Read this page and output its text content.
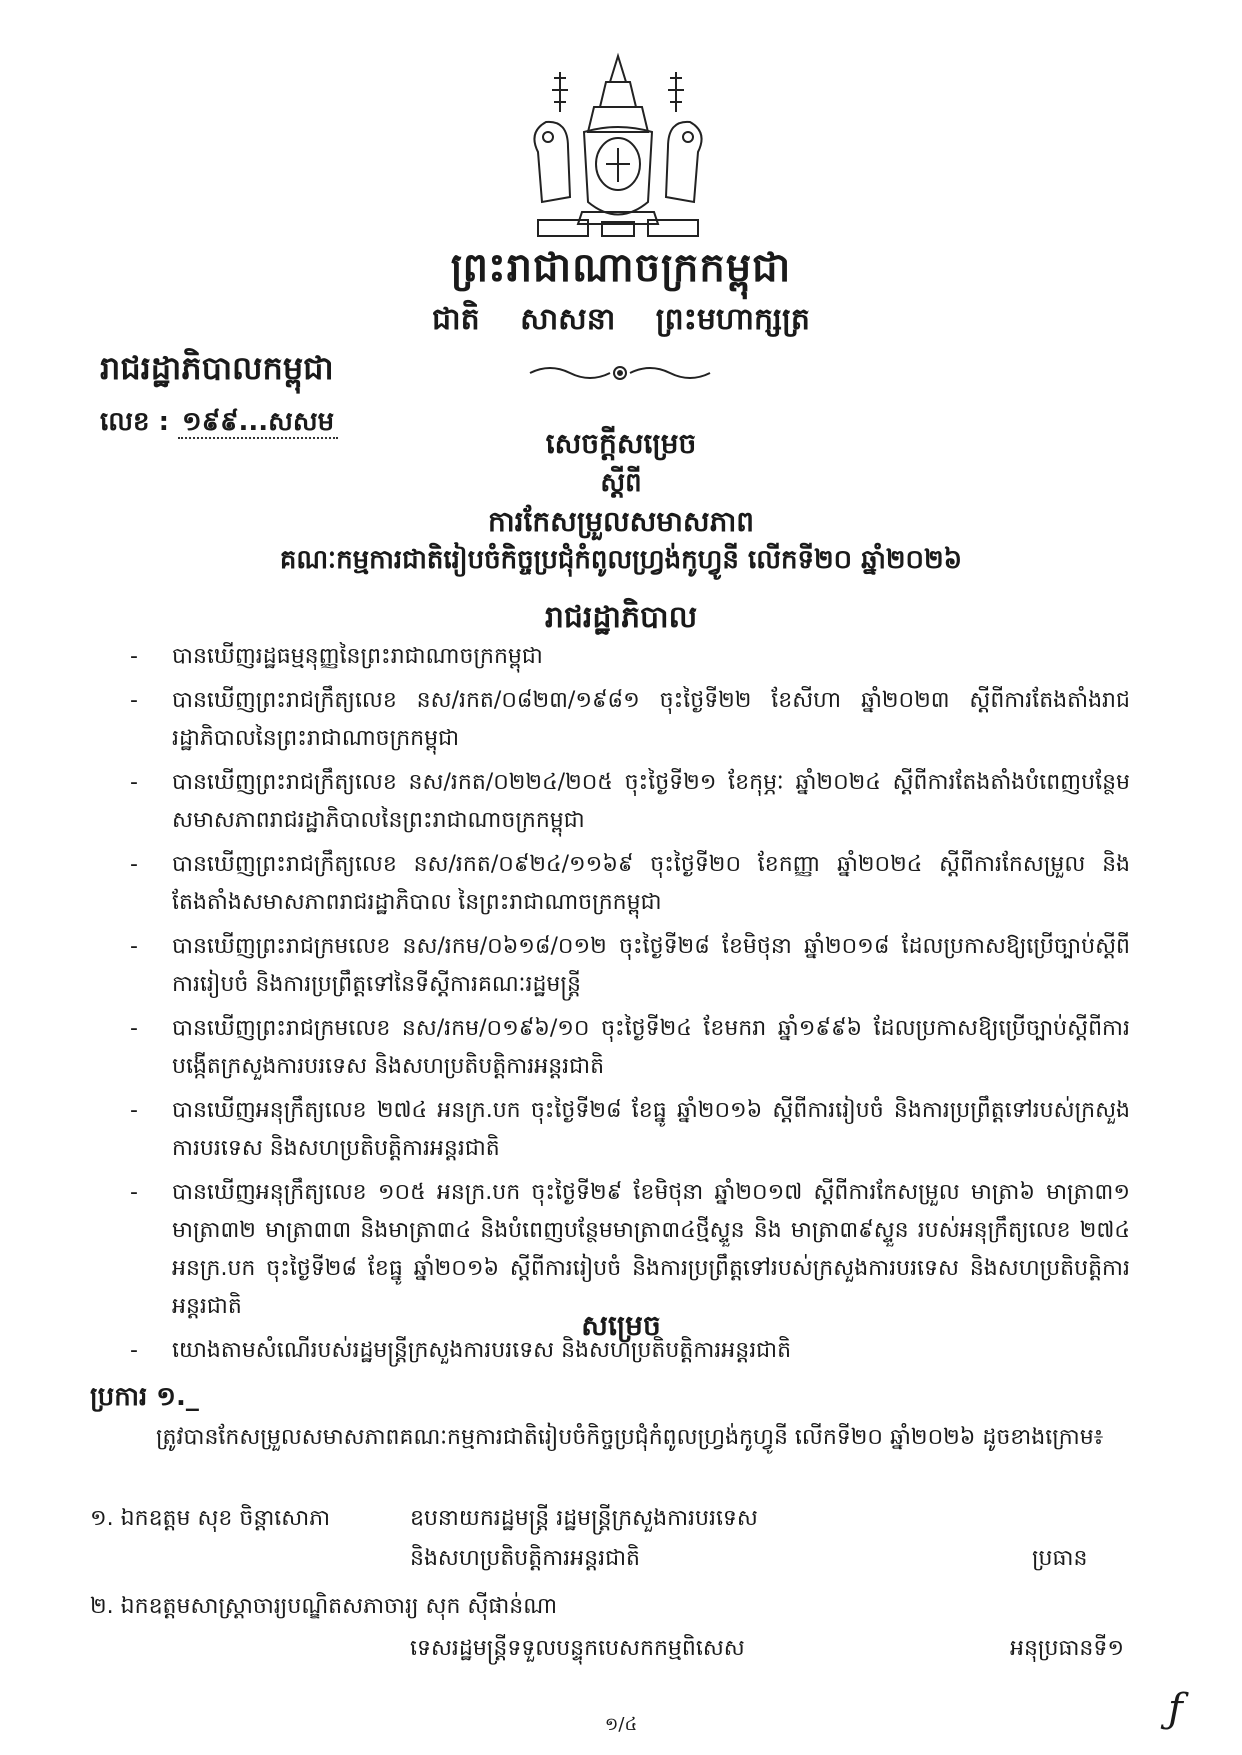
ព្រះរាជាណាចក្រកម្ពុជា
ជាតិ សាសនា ព្រះមហាក្សត្រ
រាជរដ្ឋាភិបាលកម្ពុជា
លេខ : ១៩៩...សសម
សេចក្តីសម្រេច
ស្តីពី
ការកែសម្រួលសមាសភាព
គណៈកម្មការជាតិរៀបចំកិច្ចប្រជុំកំពូលហ្វ្រង់កូហ្វូនី លើកទី២០ ឆ្នាំ២០២៦
រាជរដ្ឋាភិបាល
- បានឃើញរដ្ឋធម្មនុញ្ញនៃព្រះរាជាណាចក្រកម្ពុជា
- បានឃើញព្រះរាជក្រឹត្យលេខ នស/រកត/០៨២៣/១៩៨១ ចុះថ្ងៃទី២២ ខែសីហា ឆ្នាំ២០២៣ ស្តីពីការតែងតាំងរាជរដ្ឋាភិបាលនៃព្រះរាជាណាចក្រកម្ពុជា
- បានឃើញព្រះរាជក្រឹត្យលេខ នស/រកត/០២២៤/២០៥ ចុះថ្ងៃទី២១ ខែកុម្ភៈ ឆ្នាំ២០២៤ ស្តីពីការតែងតាំងបំពេញបន្ថែមសមាសភាពរាជរដ្ឋាភិបាលនៃព្រះរាជាណាចក្រកម្ពុជា
- បានឃើញព្រះរាជក្រឹត្យលេខ នស/រកត/០៩២៤/១១៦៩ ចុះថ្ងៃទី២០ ខែកញ្ញា ឆ្នាំ២០២៤ ស្តីពីការកែសម្រួល និងតែងតាំងសមាសភាពរាជរដ្ឋាភិបាល នៃព្រះរាជាណាចក្រកម្ពុជា
- បានឃើញព្រះរាជក្រមលេខ នស/រកម/០៦១៨/០១២ ចុះថ្ងៃទី២៨ ខែមិថុនា ឆ្នាំ២០១៨ ដែលប្រកាសឱ្យប្រើច្បាប់ស្តីពីការរៀបចំ និងការប្រព្រឹត្តទៅនៃទីស្តីការគណៈរដ្ឋមន្ត្រី
- បានឃើញព្រះរាជក្រមលេខ នស/រកម/០១៩៦/១០ ចុះថ្ងៃទី២៤ ខែមករា ឆ្នាំ១៩៩៦ ដែលប្រកាសឱ្យប្រើច្បាប់ស្តីពីការបង្កើតក្រសួងការបរទេស និងសហប្រតិបត្តិការអន្តរជាតិ
- បានឃើញអនុក្រឹត្យលេខ ២៧៤ អនក្រ.បក ចុះថ្ងៃទី២៨ ខែធ្នូ ឆ្នាំ២០១៦ ស្តីពីការរៀបចំ និងការប្រព្រឹត្តទៅរបស់ក្រសួងការបរទេស និងសហប្រតិបត្តិការអន្តរជាតិ
- បានឃើញអនុក្រឹត្យលេខ ១០៥ អនក្រ.បក ចុះថ្ងៃទី២៩ ខែមិថុនា ឆ្នាំ២០១៧ ស្តីពីការកែសម្រួល មាត្រា៦ មាត្រា៣១ មាត្រា៣២ មាត្រា៣៣ និងមាត្រា៣៤ និងបំពេញបន្ថែមមាត្រា៣៤ថ្មីស្ទួន និង មាត្រា៣៩ស្ទួន របស់អនុក្រឹត្យលេខ ២៧៤ អនក្រ.បក ចុះថ្ងៃទី២៨ ខែធ្នូ ឆ្នាំ២០១៦ ស្តីពីការរៀបចំ និងការប្រព្រឹត្តទៅរបស់ក្រសួងការបរទេស និងសហប្រតិបត្តិការអន្តរជាតិ
- យោងតាមសំណើរបស់រដ្ឋមន្ត្រីក្រសួងការបរទេស និងសហប្រតិបត្តិការអន្តរជាតិ
សម្រេច
ប្រការ ១._
ត្រូវបានកែសម្រួលសមាសភាពគណៈកម្មការជាតិរៀបចំកិច្ចប្រជុំកំពូលហ្វ្រង់កូហ្វូនី លើកទី២០ ឆ្នាំ២០២៦ ដូចខាងក្រោម៖
១. ឯកឧត្តម សុខ ចិន្តាសោភា	ឧបនាយករដ្ឋមន្ត្រី រដ្ឋមន្ត្រីក្រសួងការបរទេស
និងសហប្រតិបត្តិការអន្តរជាតិ	ប្រធាន
២. ឯកឧត្តមសាស្ត្រាចារ្យបណ្ឌិតសភាចារ្យ សុក ស៊ីផាន់ណា
ទេសរដ្ឋមន្ត្រីទទួលបន្ទុកបេសកកម្មពិសេស	អនុប្រធានទី១
១/៤	ƒ
